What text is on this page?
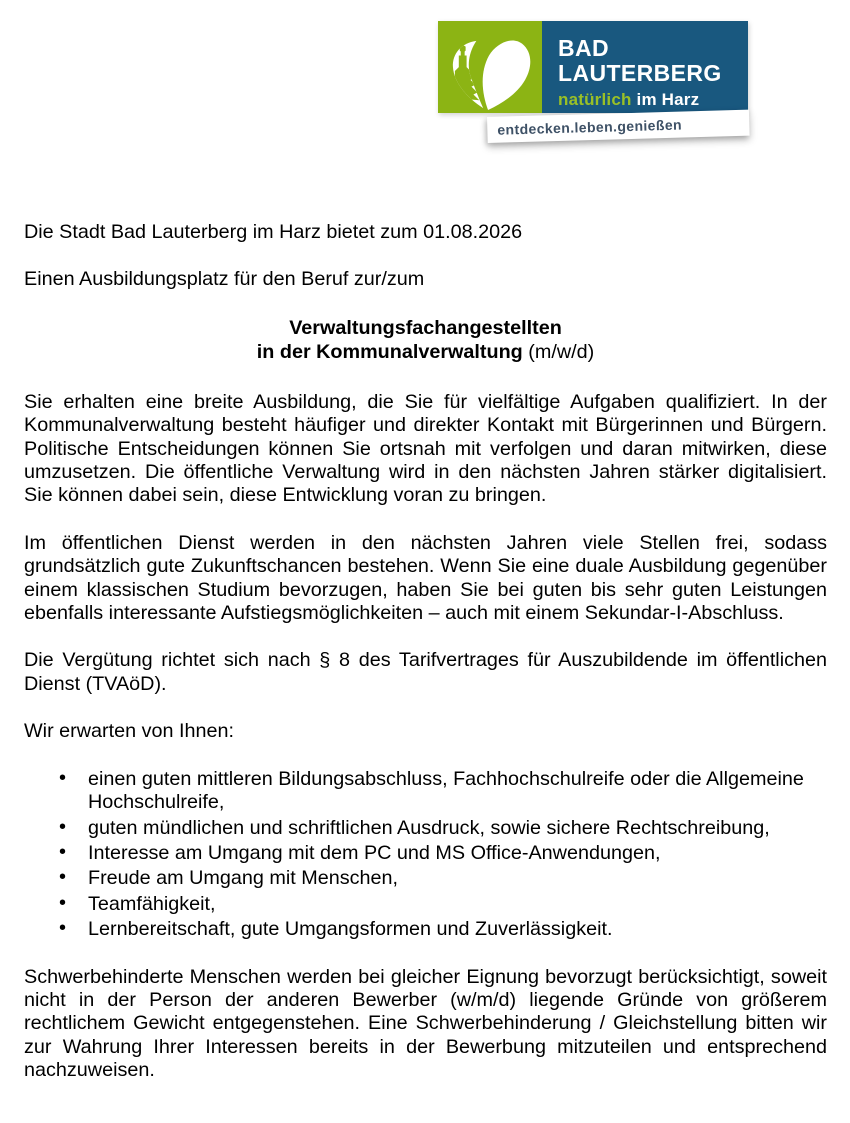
BAD
LAUTERBERG
natürlich im Harz
entdecken.leben.genießen

Die Stadt Bad Lauterberg im Harz bietet zum 01.08.2026

Einen Ausbildungsplatz für den Beruf zur/zum

Verwaltungsfachangestellten
in der Kommunalverwaltung (m/w/d)

Sie erhalten eine breite Ausbildung, die Sie für vielfältige Aufgaben qualifiziert. In der Kommunalverwaltung besteht häufiger und direkter Kontakt mit Bürgerinnen und Bürgern. Politische Entscheidungen können Sie ortsnah mit verfolgen und daran mitwirken, diese umzusetzen. Die öffentliche Verwaltung wird in den nächsten Jahren stärker digitalisiert. Sie können dabei sein, diese Entwicklung voran zu bringen.

Im öffentlichen Dienst werden in den nächsten Jahren viele Stellen frei, sodass grundsätzlich gute Zukunftschancen bestehen. Wenn Sie eine duale Ausbildung gegenüber einem klassischen Studium bevorzugen, haben Sie bei guten bis sehr guten Leistungen ebenfalls interessante Aufstiegsmöglichkeiten – auch mit einem Sekundar-I-Abschluss.

Die Vergütung richtet sich nach § 8 des Tarifvertrages für Auszubildende im öffentlichen Dienst (TVAöD).

Wir erwarten von Ihnen:

• einen guten mittleren Bildungsabschluss, Fachhochschulreife oder die Allgemeine Hochschulreife,
• guten mündlichen und schriftlichen Ausdruck, sowie sichere Rechtschreibung,
• Interesse am Umgang mit dem PC und MS Office-Anwendungen,
• Freude am Umgang mit Menschen,
• Teamfähigkeit,
• Lernbereitschaft, gute Umgangsformen und Zuverlässigkeit.

Schwerbehinderte Menschen werden bei gleicher Eignung bevorzugt berücksichtigt, soweit nicht in der Person der anderen Bewerber (w/m/d) liegende Gründe von größerem rechtlichem Gewicht entgegenstehen. Eine Schwerbehinderung / Gleichstellung bitten wir zur Wahrung Ihrer Interessen bereits in der Bewerbung mitzuteilen und entsprechend nachzuweisen.
